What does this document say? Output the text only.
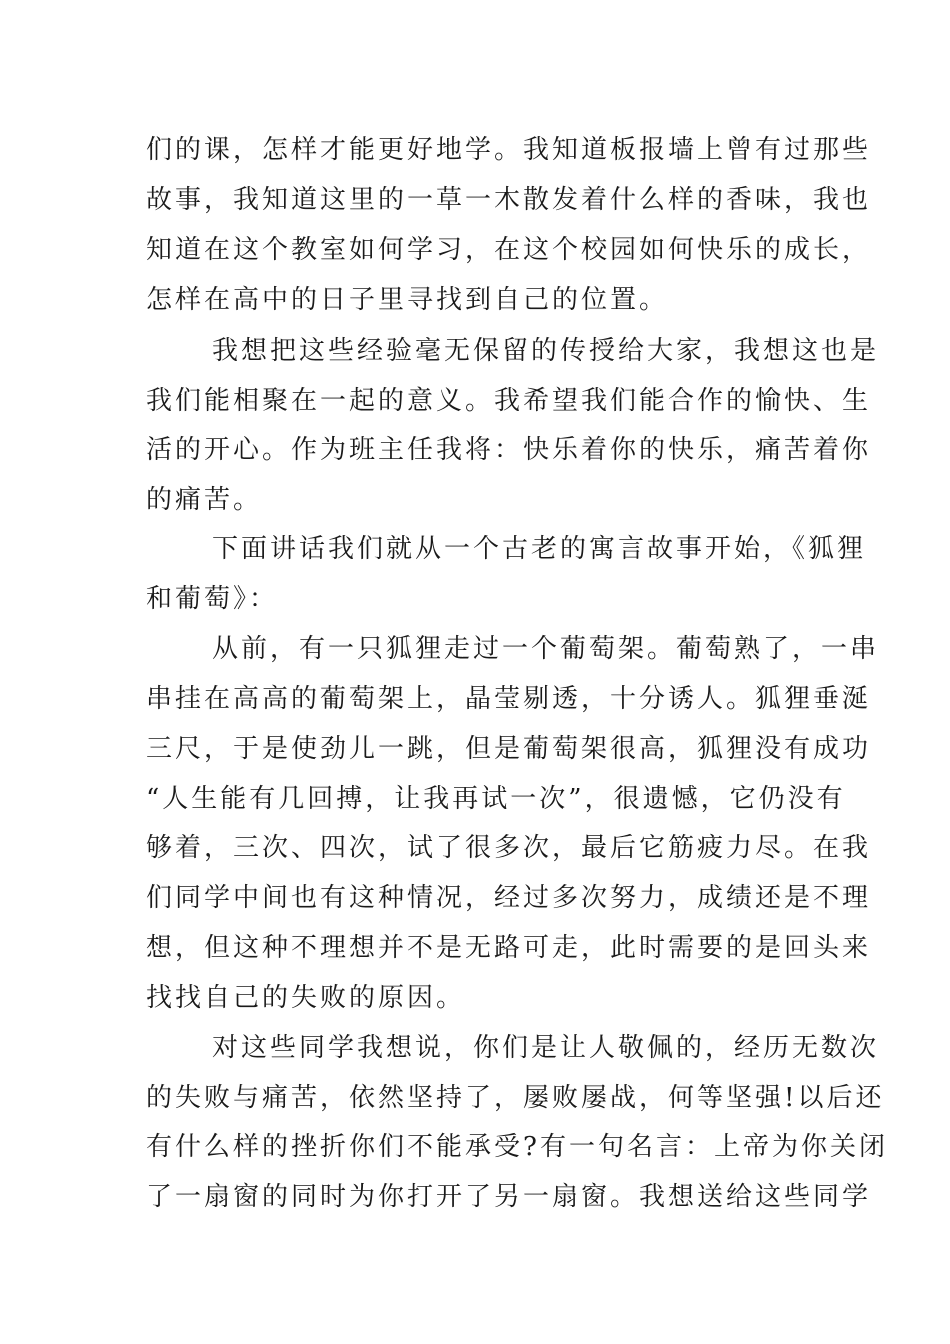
们的课，怎样才能更好地学。我知道板报墙上曾有过那些
故事，我知道这里的一草一木散发着什么样的香味，我也
知道在这个教室如何学习，在这个校园如何快乐的成长，
怎样在高中的日子里寻找到自己的位置。
我想把这些经验毫无保留的传授给大家，我想这也是
我们能相聚在一起的意义。我希望我们能合作的愉快、生
活的开心。作为班主任我将：快乐着你的快乐，痛苦着你
的痛苦。
下面讲话我们就从一个古老的寓言故事开始，《狐狸
和葡萄》：
从前，有一只狐狸走过一个葡萄架。葡萄熟了，一串
串挂在高高的葡萄架上，晶莹剔透，十分诱人。狐狸垂涎
三尺，于是使劲儿一跳，但是葡萄架很高，狐狸没有成功
“人生能有几回搏，让我再试一次”，很遗憾，它仍没有
够着，三次、四次，试了很多次，最后它筋疲力尽。在我
们同学中间也有这种情况，经过多次努力，成绩还是不理
想，但这种不理想并不是无路可走，此时需要的是回头来
找找自己的失败的原因。
对这些同学我想说，你们是让人敬佩的，经历无数次
的失败与痛苦，依然坚持了，屡败屡战，何等坚强!以后还
有什么样的挫折你们不能承受?有一句名言：上帝为你关闭
了一扇窗的同时为你打开了另一扇窗。我想送给这些同学
